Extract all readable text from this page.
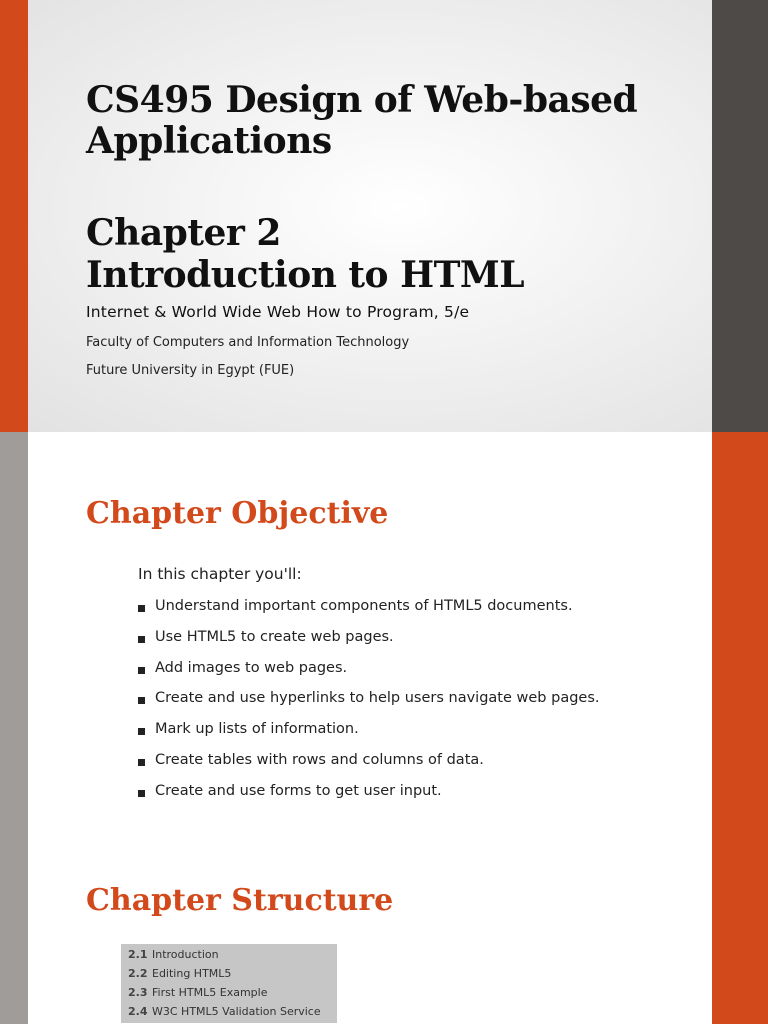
CS495 Design of Web-based
Applications
Chapter 2
Introduction to HTML
Internet & World Wide Web How to Program, 5/e
Faculty of Computers and Information Technology
Future University in Egypt (FUE)
Chapter Objective
In this chapter you'll:
Understand important components of HTML5 documents.
Use HTML5 to create web pages.
Add images to web pages.
Create and use hyperlinks to help users navigate web pages.
Mark up lists of information.
Create tables with rows and columns of data.
Create and use forms to get user input.
Chapter Structure
2.1 Introduction
2.2 Editing HTML5
2.3 First HTML5 Example
2.4 W3C HTML5 Validation Service
